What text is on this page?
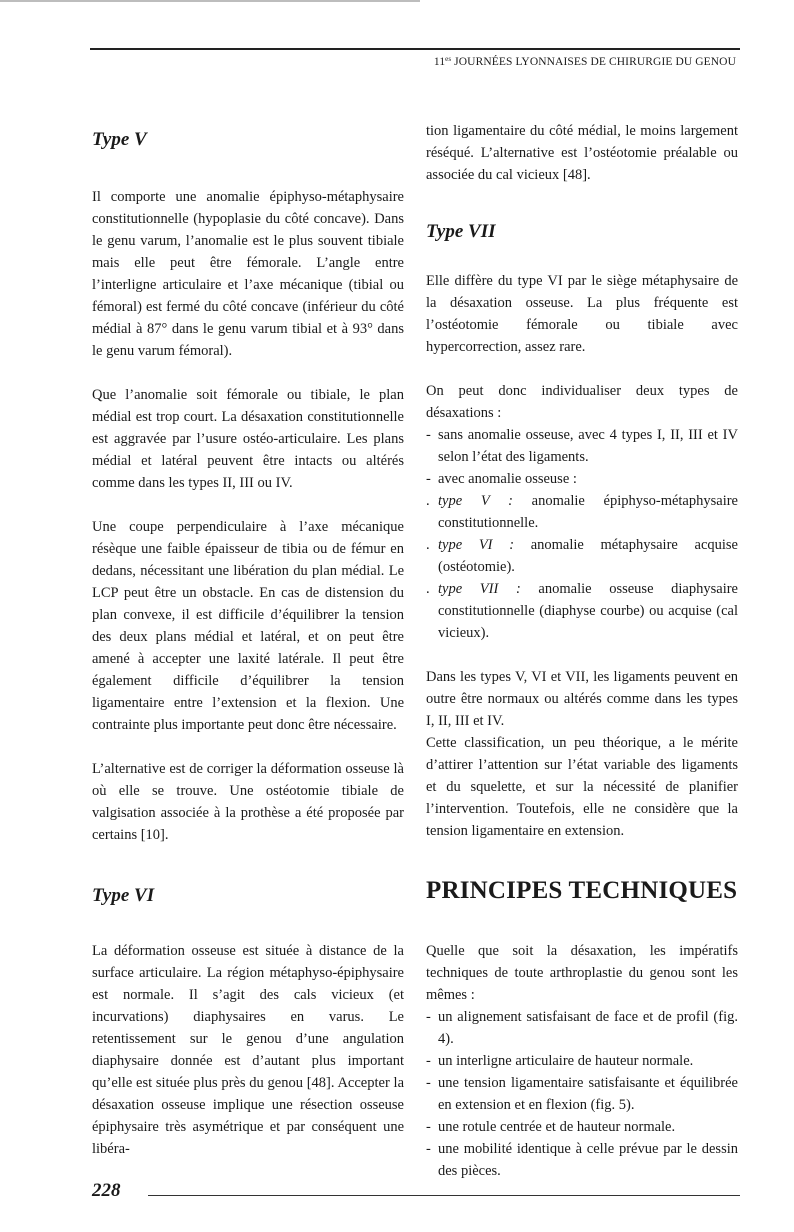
$11^{es}$ JOURNÉES LYONNAISES DE CHIRURGIE DU GENOU
Type V

Il comporte une anomalie épiphyso-métaphysaire constitutionnelle (hypoplasie du côté concave). Dans le genu varum, l’anomalie est le plus souvent tibiale mais elle peut être fémorale. L’angle entre l’interligne articulaire et l’axe mécanique (tibial ou fémoral) est fermé du côté concave (inférieur du côté médial à 87° dans le genu varum tibial et à 93° dans le genu varum fémoral).

Que l’anomalie soit fémorale ou tibiale, le plan médial est trop court. La désaxation constitutionnelle est aggravée par l’usure ostéo-articulaire. Les plans médial et latéral peuvent être intacts ou altérés comme dans les types II, III ou IV.

Une coupe perpendiculaire à l’axe mécanique résèque une faible épaisseur de tibia ou de fémur en dedans, nécessitant une libération du plan médial. Le LCP peut être un obstacle. En cas de distension du plan convexe, il est difficile d’équilibrer la tension des deux plans médial et latéral, et on peut être amené à accepter une laxité latérale. Il peut être également difficile d’équilibrer la tension ligamentaire entre l’extension et la flexion. Une contrainte plus importante peut donc être nécessaire.

L’alternative est de corriger la déformation osseuse là où elle se trouve. Une ostéotomie tibiale de valgisation associée à la prothèse a été proposée par certains [10].

Type VI

La déformation osseuse est située à distance de la surface articulaire. La région métaphyso-épiphysaire est normale. Il s’agit des cals vicieux (et incurvations) diaphysaires en varus. Le retentissement sur le genou d’une angulation diaphysaire donnée est d’autant plus important qu’elle est située plus près du genou [48]. Accepter la désaxation osseuse implique une résection osseuse épiphysaire très asymétrique et par conséquent une libéra-

tion ligamentaire du côté médial, le moins largement réséqué. L’alternative est l’ostéotomie préalable ou associée du cal vicieux [48].

Type VII

Elle diffère du type VI par le siège métaphysaire de la désaxation osseuse. La plus fréquente est l’ostéotomie fémorale ou tibiale avec hypercorrection, assez rare.

On peut donc individualiser deux types de désaxations :

- sans anomalie osseuse, avec 4 types I, II, III et IV selon l’état des ligaments.
- avec anomalie osseuse :
. type V : anomalie épiphyso-métaphysaire constitutionnelle.
. type VI : anomalie métaphysaire acquise (ostéotomie).
. type VII : anomalie osseuse diaphysaire constitutionnelle (diaphyse courbe) ou acquise (cal vicieux).

Dans les types V, VI et VII, les ligaments peuvent en outre être normaux ou altérés comme dans les types I, II, III et IV.

Cette classification, un peu théorique, a le mérite d’attirer l’attention sur l’état variable des ligaments et du squelette, et sur la nécessité de planifier l’intervention. Toutefois, elle ne considère que la tension ligamentaire en extension.

PRINCIPES TECHNIQUES

Quelle que soit la désaxation, les impératifs techniques de toute arthroplastie du genou sont les mêmes :

- un alignement satisfaisant de face et de profil (fig. 4).
- un interligne articulaire de hauteur normale.
- une tension ligamentaire satisfaisante et équilibrée en extension et en flexion (fig. 5).
- une rotule centrée et de hauteur normale.
- une mobilité identique à celle prévue par le dessin des pièces.
228
